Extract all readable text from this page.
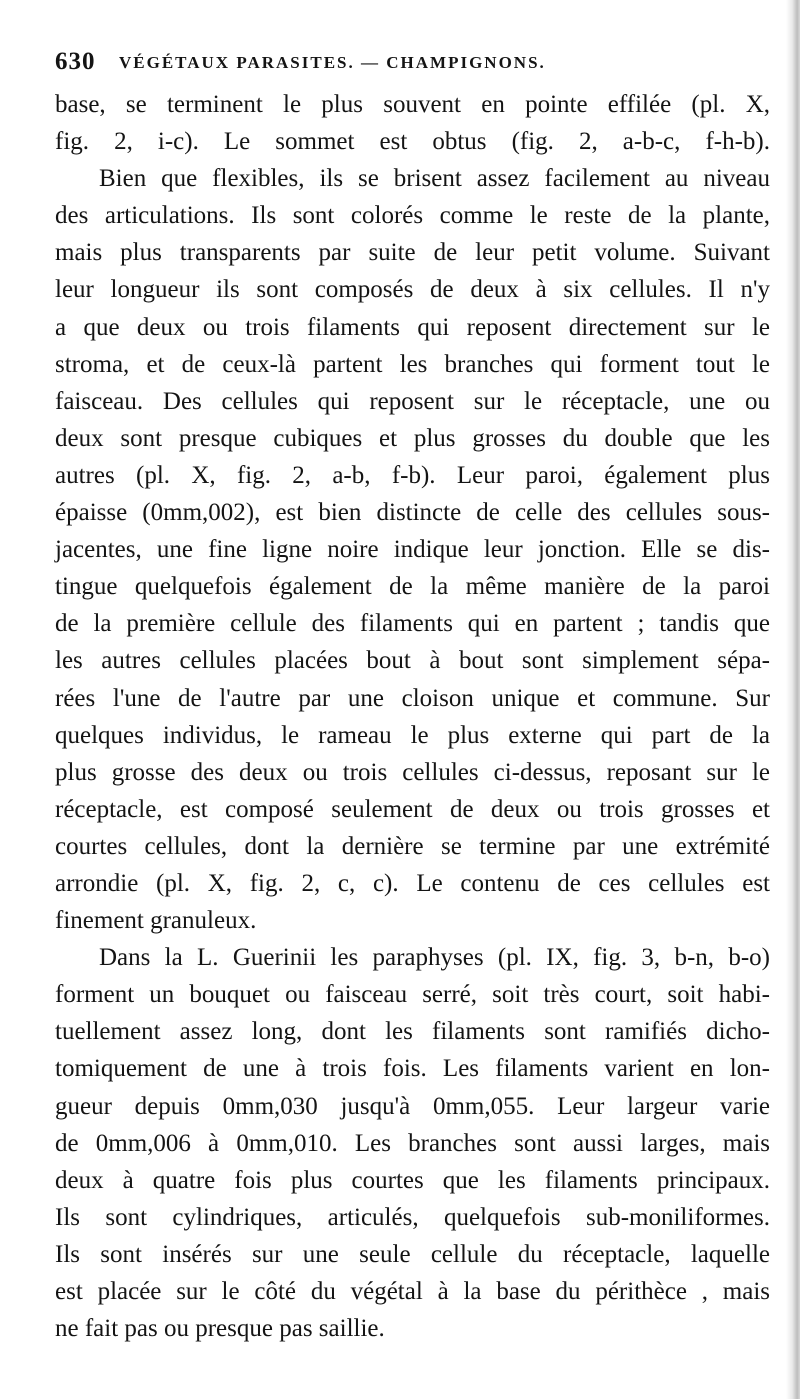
630 VÉGÉTAUX PARASITES. — CHAMPIGNONS.
base, se terminent le plus souvent en pointe effilée (pl. X,
fig. 2, i-c). Le sommet est obtus (fig. 2, a-b-c, f-h-b).
Bien que flexibles, ils se brisent assez facilement au niveau
des articulations. Ils sont colorés comme le reste de la plante,
mais plus transparents par suite de leur petit volume. Suivant
leur longueur ils sont composés de deux à six cellules. Il n'y
a que deux ou trois filaments qui reposent directement sur le
stroma, et de ceux-là partent les branches qui forment tout le
faisceau. Des cellules qui reposent sur le réceptacle, une ou
deux sont presque cubiques et plus grosses du double que les
autres (pl. X, fig. 2, a-b, f-b). Leur paroi, également plus
épaisse (0mm,002), est bien distincte de celle des cellules sous-
jacentes, une fine ligne noire indique leur jonction. Elle se dis-
tingue quelquefois également de la même manière de la paroi
de la première cellule des filaments qui en partent ; tandis que
les autres cellules placées bout à bout sont simplement sépa-
rées l'une de l'autre par une cloison unique et commune. Sur
quelques individus, le rameau le plus externe qui part de la
plus grosse des deux ou trois cellules ci-dessus, reposant sur le
réceptacle, est composé seulement de deux ou trois grosses et
courtes cellules, dont la dernière se termine par une extrémité
arrondie (pl. X, fig. 2, c, c). Le contenu de ces cellules est
finement granuleux.
Dans la L. Guerinii les paraphyses (pl. IX, fig. 3, b-n, b-o)
forment un bouquet ou faisceau serré, soit très court, soit habi-
tuellement assez long, dont les filaments sont ramifiés dicho-
tomiquement de une à trois fois. Les filaments varient en lon-
gueur depuis 0mm,030 jusqu'à 0mm,055. Leur largeur varie
de 0mm,006 à 0mm,010. Les branches sont aussi larges, mais
deux à quatre fois plus courtes que les filaments principaux.
Ils sont cylindriques, articulés, quelquefois sub-moniliformes.
Ils sont insérés sur une seule cellule du réceptacle, laquelle
est placée sur le côté du végétal à la base du périthèce , mais
ne fait pas ou presque pas saillie.
